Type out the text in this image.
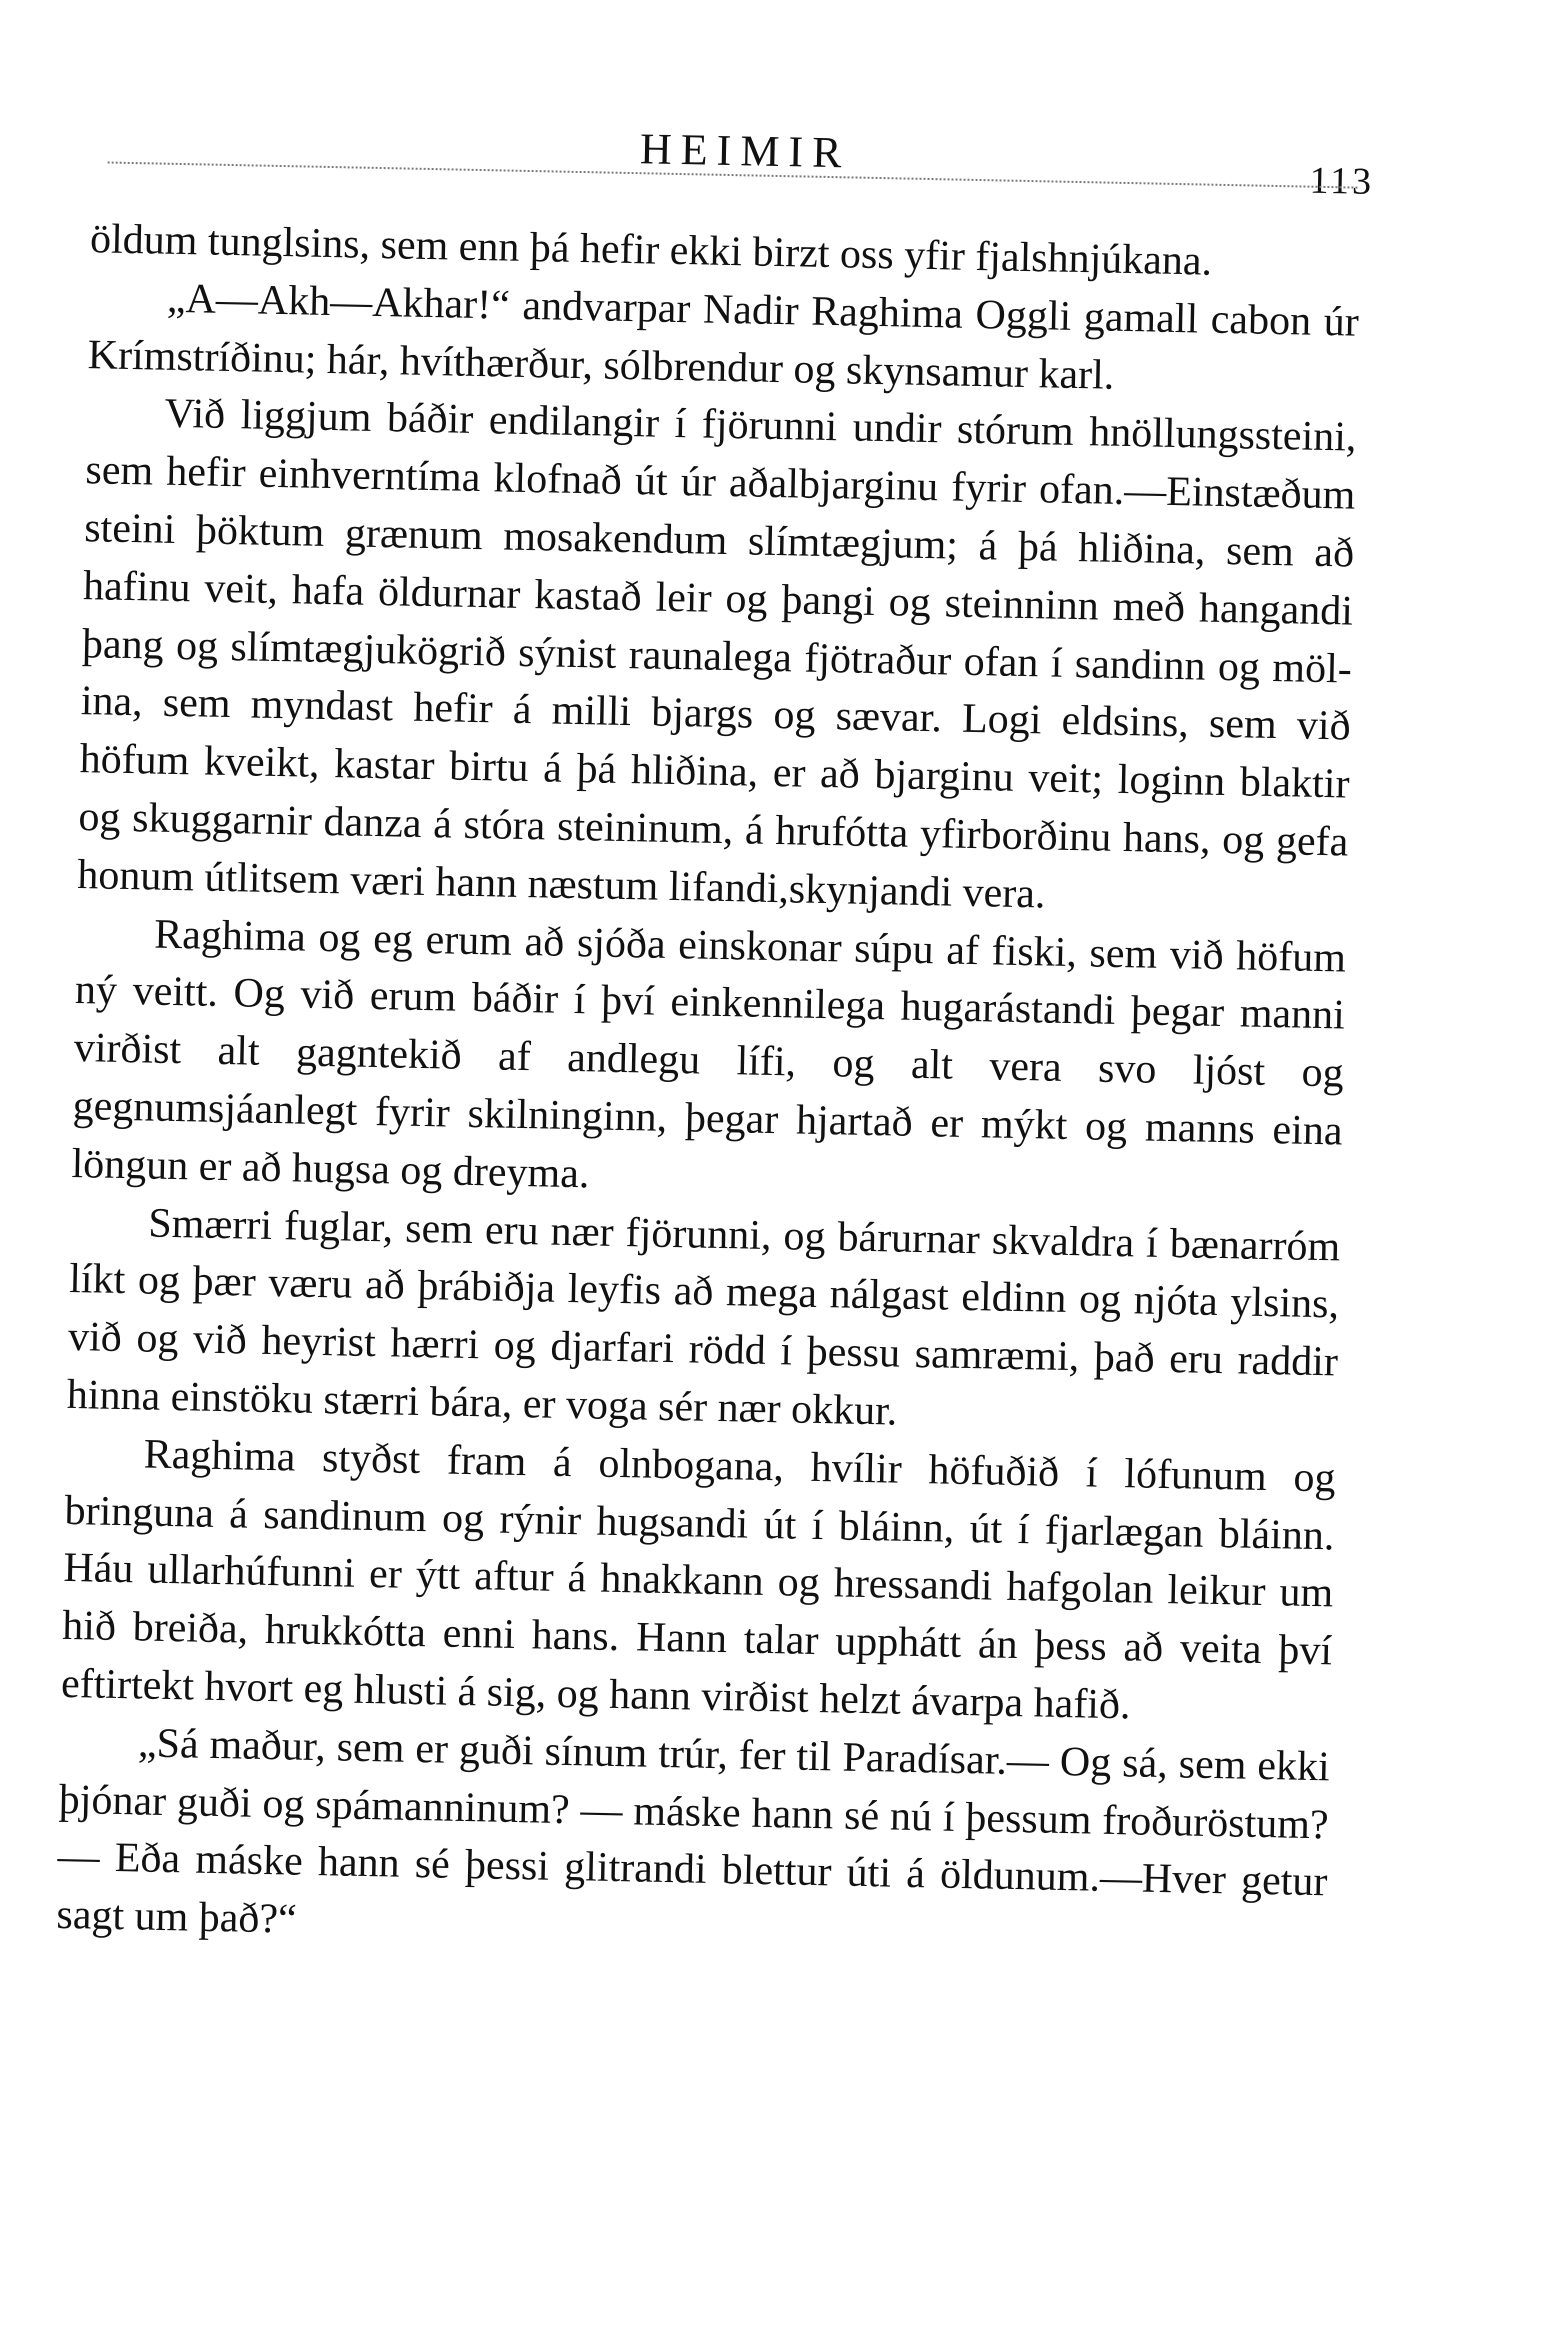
HEIMIR
113

öldum tunglsins, sem enn þá hefir ekki birzt oss yfir fjalshnjúkana.

„A—Akh—Akhar!“ andvarpar Nadir Raghima Oggli gamall cabon úr Krímstríðinu; hár, hvíthærður, sólbrendur og skynsamur karl.

Við liggjum báðir endilangir í fjörunni undir stórum hnöllungssteini, sem hefir einhverntíma klofnað út úr aðalbjarginu fyrir ofan.—Einstæðum steini þöktum grænum mosakendum slímtægjum; á þá hliðina, sem að hafinu veit, hafa öldurnar kastað leir og þangi og steinninn með hangandi þang og slímtægjukögrið sýnist raunalega fjötraður ofan í sandinn og mölina, sem myndast hefir á milli bjargs og sævar. Logi eldsins, sem við höfum kveikt, kastar birtu á þá hliðina, er að bjarginu veit; loginn blaktir og skuggarnir danza á stóra steininum, á hrufótta yfirborðinu hans, og gefa honum útlitsem væri hann næstum lifandi,skynjandi vera.

Raghima og eg erum að sjóða einskonar súpu af fiski, sem við höfum ný veitt. Og við erum báðir í því einkennilega hugarástandi þegar manni virðist alt gagntekið af andlegu lífi, og alt vera svo ljóst og gegnumsjáanlegt fyrir skilninginn, þegar hjartað er mýkt og manns eina löngun er að hugsa og dreyma.

Smærri fuglar, sem eru nær fjörunni, og bárurnar skvaldra í bænarróm líkt og þær væru að þrábiðja leyfis að mega nálgast eldinn og njóta ylsins, við og við heyrist hærri og djarfari rödd í þessu samræmi, það eru raddir hinna einstöku stærri bára, er voga sér nær okkur.

Raghima styðst fram á olnbogana, hvílir höfuðið í lófunum og bringuna á sandinum og rýnir hugsandi út í bláinn, út í fjarlægan bláinn. Háu ullarhúfunni er ýtt aftur á hnakkann og hressandi hafgolan leikur um hið breiða, hrukkótta enni hans. Hann talar upphátt án þess að veita því eftirtekt hvort eg hlusti á sig, og hann virðist helzt ávarpa hafið.

„Sá maður, sem er guði sínum trúr, fer til Paradísar.— Og sá, sem ekki þjónar guði og spámanninum? — máske hann sé nú í þessum froðuröstum? — Eða máske hann sé þessi glitrandi blettur úti á öldunum.—Hver getur sagt um það?“
